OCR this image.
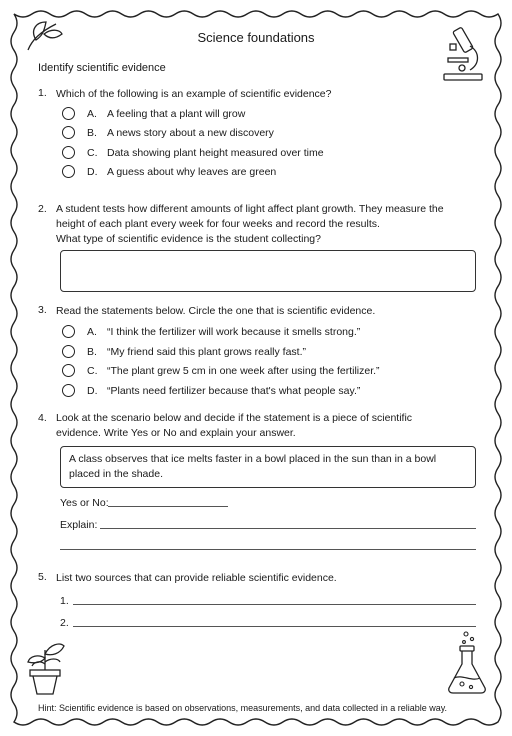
Science foundations
Identify scientific evidence
1. Which of the following is an example of scientific evidence?
A. A feeling that a plant will grow
B. A news story about a new discovery
C. Data showing plant height measured over time
D. A guess about why leaves are green
2. A student tests how different amounts of light affect plant growth. They measure the
height of each plant every week for four weeks and record the results.
What type of scientific evidence is the student collecting?
3. Read the statements below. Circle the one that is scientific evidence.
A. “I think the fertilizer will work because it smells strong.”
B. “My friend said this plant grows really fast.”
C. “The plant grew 5 cm in one week after using the fertilizer.”
D. “Plants need fertilizer because that's what people say.”
4. Look at the scenario below and decide if the statement is a piece of scientific
evidence. Write Yes or No and explain your answer.
A class observes that ice melts faster in a bowl placed in the sun than in a bowl
placed in the shade.
Yes or No:
Explain:
5. List two sources that can provide reliable scientific evidence.
1.
2.
Hint: Scientific evidence is based on observations, measurements, and data collected in a reliable way.
